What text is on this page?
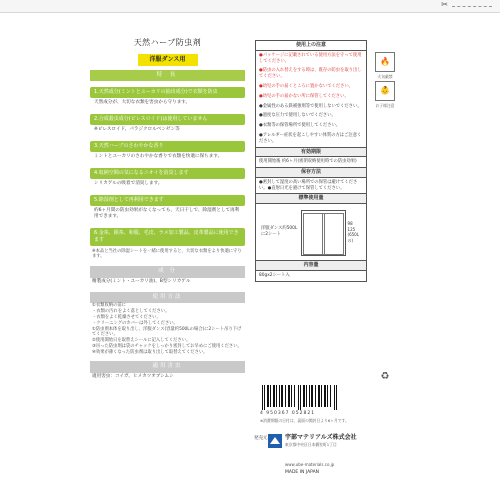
✂
天然ハーブ防虫剤
洋服ダンス用
特 長
1.天然成分(ミントとユーカリの抽出成分)で衣類を防虫
天然成分が、大切な衣類を害虫から守ります。
2.合成殺虫成分(ピレスロイド)は使用していません
※ピレスロイド、パラジクロルベンゼン等
3.天然ハーブのさわやかな香り
ミントとユーカリのさわやかな香りで衣類を快適に保ちます。
4.収納空間の気になるニオイを消臭します
シリカゲルの吸着で消臭します。
5.除湿剤として再利用できます
約6ヶ月間の防虫効果がなくなっても、天日干しで、除湿剤として再利用できます。
6.金糸、銀糸、和服、毛皮、ラメ加工製品、皮革製品に使用できます
※本品と当社の除湿シートを一緒に使用すると、大切な衣類をより快適に守ります。
成 分
精製成分(ミント・ユーカリ油)、B型シリカゲル
使用方法
①衣類収納の前に
・衣類の汚れをよく落としてください。
・衣類をよく乾燥させてください。
・クリーニングのカバーは外してください。
①防虫剤本体を取り出し、洋服ダンス(容量約500Lの場合)に2シート吊り下げてください。
②使用開始日を取替えシールに記入してください。
③吊った防虫剤は袋のチャックをしっかり密封してお早めにご使用ください。
④効果が薄くなった防虫剤は取り出して取替えてください。
適用害虫
適用害虫：コイガ、ヒメカツオブシムシ
使用上の注意
●パッケージに記載されている使用方法を守って使用してください。
●防虫の入れ替えをする時は、既存の防虫を取り出してください。
●幼児の手の届くところに置かないでください。
●幼児の手の届かない所に保管してください。
●金属性のある鉄補強剤等で使用しないでください。
●過度な圧力で使用しないでください。
●衣類等の保管場所で使用してください。
●アレルギー症状を起こしやすい体質の方はご注意ください。
有効期限
使用開始後 約6ヶ月(密閉収納使用時での防虫効果)
保存方法
●密封して湿度の高い場所での保管は避けてください。●直射日光を避けて保管してください。
標準使用量
洋服ダンス約500Lに2シート
98
125
(650Lの)
内容量
80gx2シート入
🔥
火気厳禁
👶
お子様注意
♻
4 950367 052821
※消費期限の日付は、裏面の開封日より6ヶ月です。
発売元	宇部マテリアルズ株式会社
東京都中央区日本橋室町1丁目
www.ube-materials.co.jp
MADE IN JAPAN
